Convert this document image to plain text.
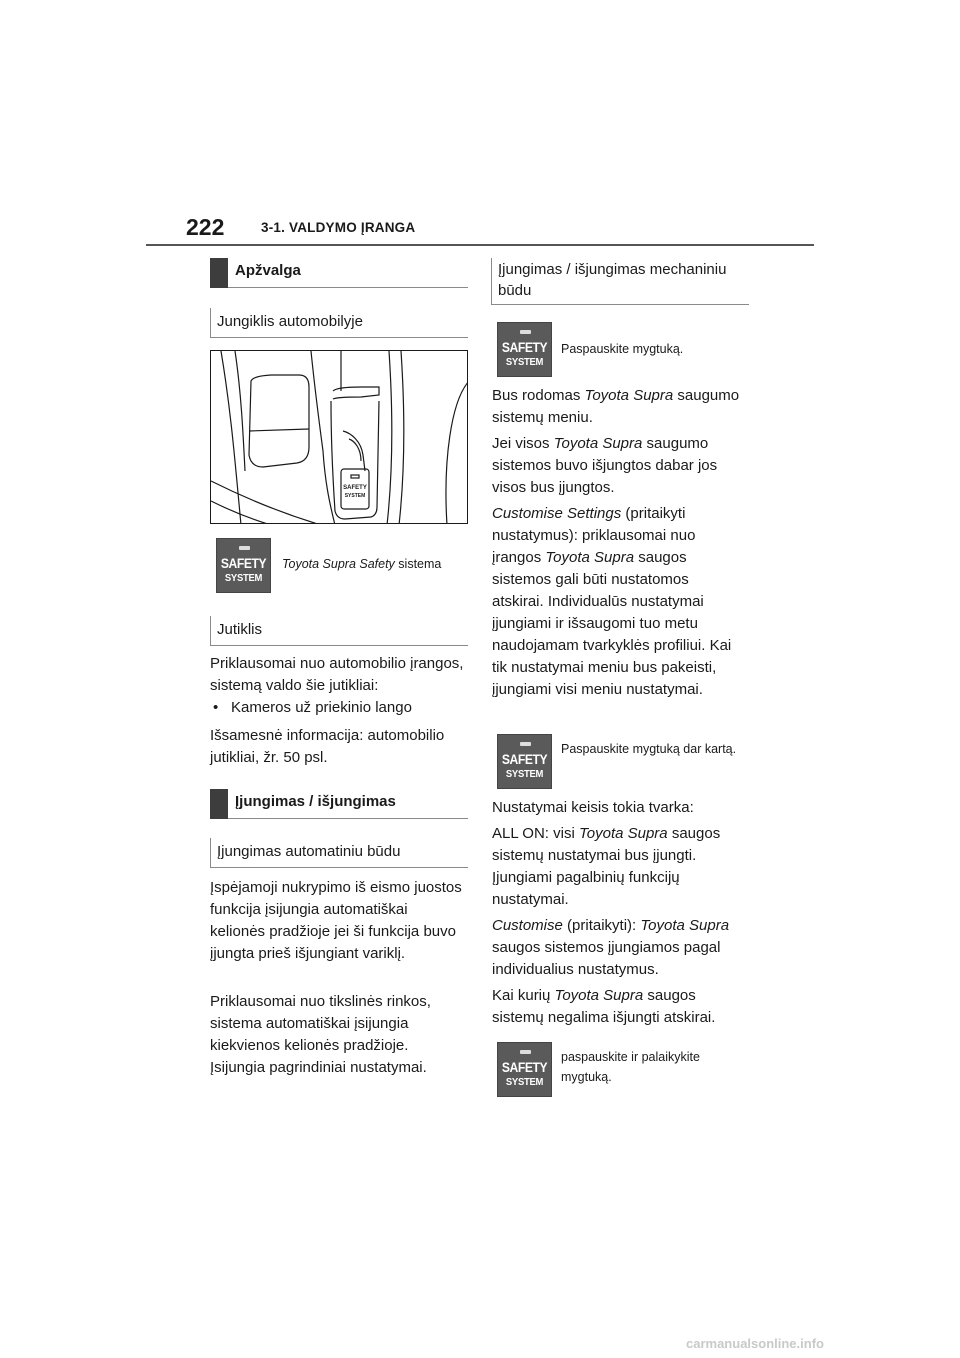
222	3-1. VALDYMO ĮRANGA
Apžvalga
Jungiklis automobilyje
SAFETY
SYSTEM
SAFETY
SYSTEM
Toyota Supra Safety sistema
Jutiklis

Priklausomai nuo automobilio įrangos, sistemą valdo šie jutikliai:

• Kameros už priekinio lango

Išsamesnė informacija: automobilio jutikliai, žr. 50 psl.

Įjungimas / išjungimas
Įjungimas automatiniu būdu

Įspėjamoji nukrypimo iš eismo juostos funkcija įsijungia automatiškai kelionės pradžioje jei ši funkcija buvo įjungta prieš išjungiant variklį.

Priklausomai nuo tikslinės rinkos, sistema automatiškai įsijungia kiekvienos kelionės pradžioje. Įsijungia pagrindiniai nustatymai.

Įjungimas / išjungimas mechaniniu būdu
SAFETY
SYSTEM
Paspauskite mygtuką.

Bus rodomas Toyota Supra saugumo sistemų meniu.

Jei visos Toyota Supra saugumo sistemos buvo išjungtos dabar jos visos bus įjungtos.

Customise Settings (pritaikyti nustatymus): priklausomai nuo įrangos Toyota Supra saugos sistemos gali būti nustatomos atskirai. Individualūs nustatymai įjungiami ir išsaugomi tuo metu naudojamam tvarkyklės profiliui. Kai tik nustatymai meniu bus pakeisti, įjungiami visi meniu nustatymai.

SAFETY
SYSTEM
Paspauskite mygtuką dar kartą.

Nustatymai keisis tokia tvarka:

ALL ON: visi Toyota Supra saugos sistemų nustatymai bus įjungti. Įjungiami pagalbinių funkcijų nustatymai.

Customise (pritaikyti): Toyota Supra saugos sistemos įjungiamos pagal individualius nustatymus.

Kai kurių Toyota Supra saugos sistemų negalima išjungti atskirai.

SAFETY
SYSTEM
paspauskite ir palaikykite mygtuką.
carmanualsonline.info
